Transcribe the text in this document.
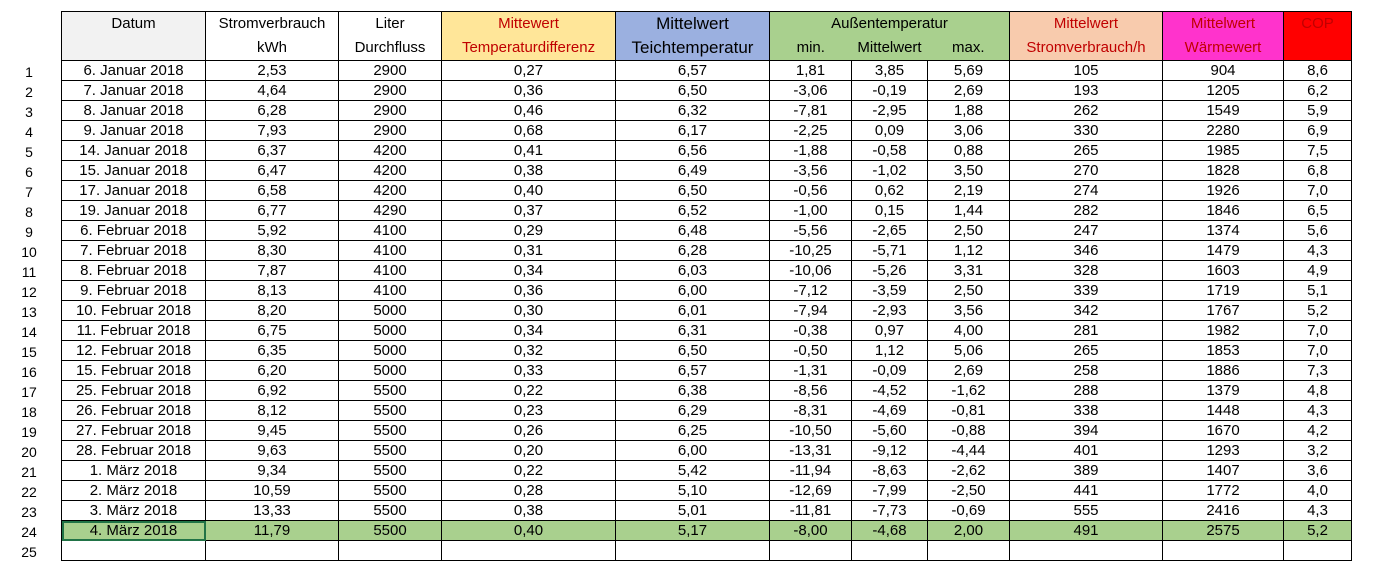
1
2
3
4
5
6
7
8
9
10
11
12
13
14
15
16
17
18
19
20
21
22
23
24
25
Datum	Stromverbrauch	Liter	Mittewert	Mittelwert	Außentemperatur			Mittelwert	Mittelwert	COP
	kWh	Durchfluss	Temperaturdifferenz	Teichtemperatur	min.	Mittelwert	max.	Stromverbrauch/h	Wärmewert	
6. Januar 2018	2,53	2900	0,27	6,57	1,81	3,85	5,69	105	904	8,6
7. Januar 2018	4,64	2900	0,36	6,50	-3,06	-0,19	2,69	193	1205	6,2
8. Januar 2018	6,28	2900	0,46	6,32	-7,81	-2,95	1,88	262	1549	5,9
9. Januar 2018	7,93	2900	0,68	6,17	-2,25	0,09	3,06	330	2280	6,9
14. Januar 2018	6,37	4200	0,41	6,56	-1,88	-0,58	0,88	265	1985	7,5
15. Januar 2018	6,47	4200	0,38	6,49	-3,56	-1,02	3,50	270	1828	6,8
17. Januar 2018	6,58	4200	0,40	6,50	-0,56	0,62	2,19	274	1926	7,0
19. Januar 2018	6,77	4290	0,37	6,52	-1,00	0,15	1,44	282	1846	6,5
6. Februar 2018	5,92	4100	0,29	6,48	-5,56	-2,65	2,50	247	1374	5,6
7. Februar 2018	8,30	4100	0,31	6,28	-10,25	-5,71	1,12	346	1479	4,3
8. Februar 2018	7,87	4100	0,34	6,03	-10,06	-5,26	3,31	328	1603	4,9
9. Februar 2018	8,13	4100	0,36	6,00	-7,12	-3,59	2,50	339	1719	5,1
10. Februar 2018	8,20	5000	0,30	6,01	-7,94	-2,93	3,56	342	1767	5,2
11. Februar 2018	6,75	5000	0,34	6,31	-0,38	0,97	4,00	281	1982	7,0
12. Februar 2018	6,35	5000	0,32	6,50	-0,50	1,12	5,06	265	1853	7,0
15. Februar 2018	6,20	5000	0,33	6,57	-1,31	-0,09	2,69	258	1886	7,3
25. Februar 2018	6,92	5500	0,22	6,38	-8,56	-4,52	-1,62	288	1379	4,8
26. Februar 2018	8,12	5500	0,23	6,29	-8,31	-4,69	-0,81	338	1448	4,3
27. Februar 2018	9,45	5500	0,26	6,25	-10,50	-5,60	-0,88	394	1670	4,2
28. Februar 2018	9,63	5500	0,20	6,00	-13,31	-9,12	-4,44	401	1293	3,2
1. März 2018	9,34	5500	0,22	5,42	-11,94	-8,63	-2,62	389	1407	3,6
2. März 2018	10,59	5500	0,28	5,10	-12,69	-7,99	-2,50	441	1772	4,0
3. März 2018	13,33	5500	0,38	5,01	-11,81	-7,73	-0,69	555	2416	4,3
4. März 2018	11,79	5500	0,40	5,17	-8,00	-4,68	2,00	491	2575	5,2
